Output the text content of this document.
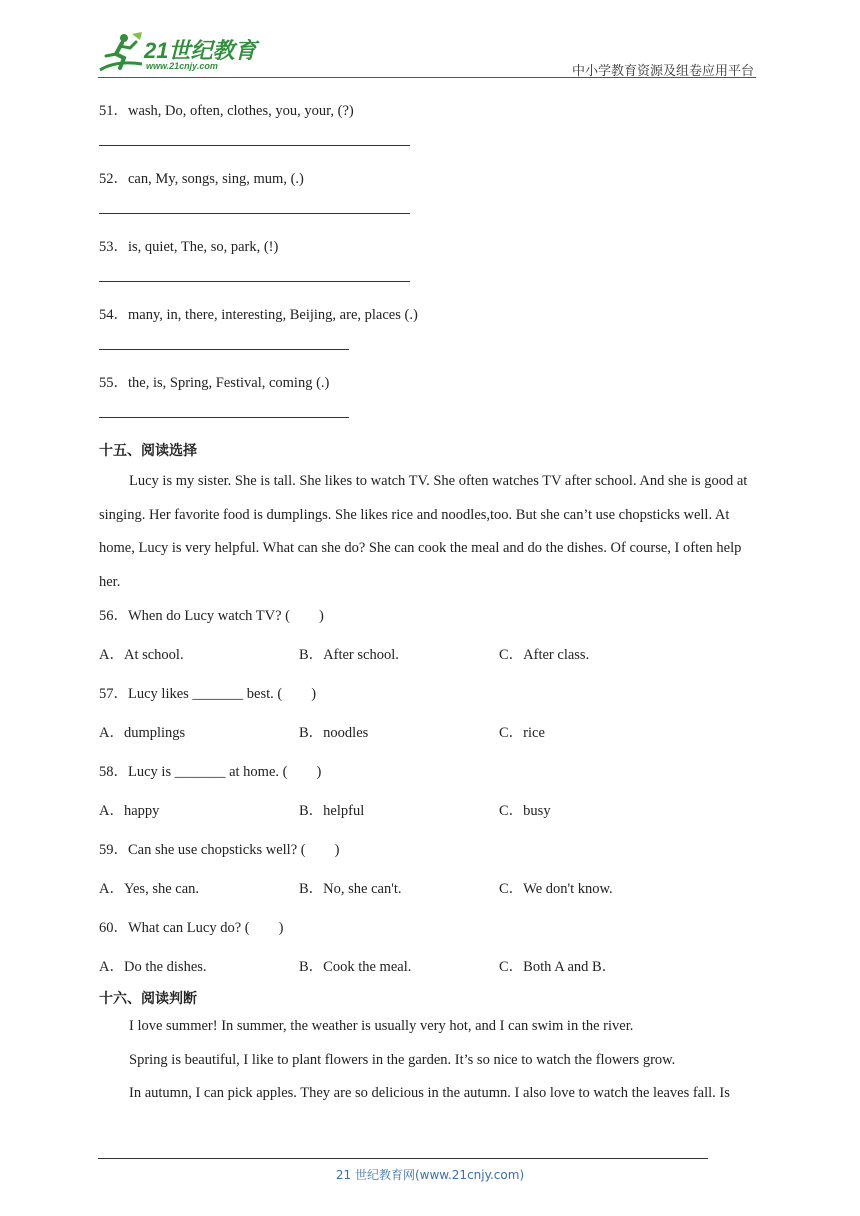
21世纪教育
www.21cnjy.com	中小学教育资源及组卷应用平台
51．wash, Do, often, clothes, you, your, (?)
52．can, My, songs, sing, mum, (.)
53．is, quiet, The, so, park, (!)
54．many, in, there, interesting, Beijing, are, places (.)
55．the, is, Spring, Festival, coming (.)
十五、阅读选择

Lucy is my sister. She is tall. She likes to watch TV. She often watches TV after school. And she is good at singing. Her favorite food is dumplings. She likes rice and noodles,too. But she can’t use chopsticks well. At home, Lucy is very helpful. What can she do? She can cook the meal and do the dishes. Of course, I often help her.

56．When do Lucy watch TV? (　　)
A．At school.	B．After school.	C．After class.
57．Lucy likes _______ best. (　　)
A．dumplings	B．noodles	C．rice
58．Lucy is _______ at home. (　　)
A．happy	B．helpful	C．busy
59．Can she use chopsticks well? (　　)
A．Yes, she can.	B．No, she can't.	C．We don't know.
60．What can Lucy do? (　　)
A．Do the dishes.	B．Cook the meal.	C．Both A and B．
十六、阅读判断

I love summer! In summer, the weather is usually very hot, and I can swim in the river.

Spring is beautiful, I like to plant flowers in the garden. It’s so nice to watch the flowers grow.

In autumn, I can pick apples. They are so delicious in the autumn. I also love to watch the leaves fall. Is

21 世纪教育网(www.21cnjy.com)
